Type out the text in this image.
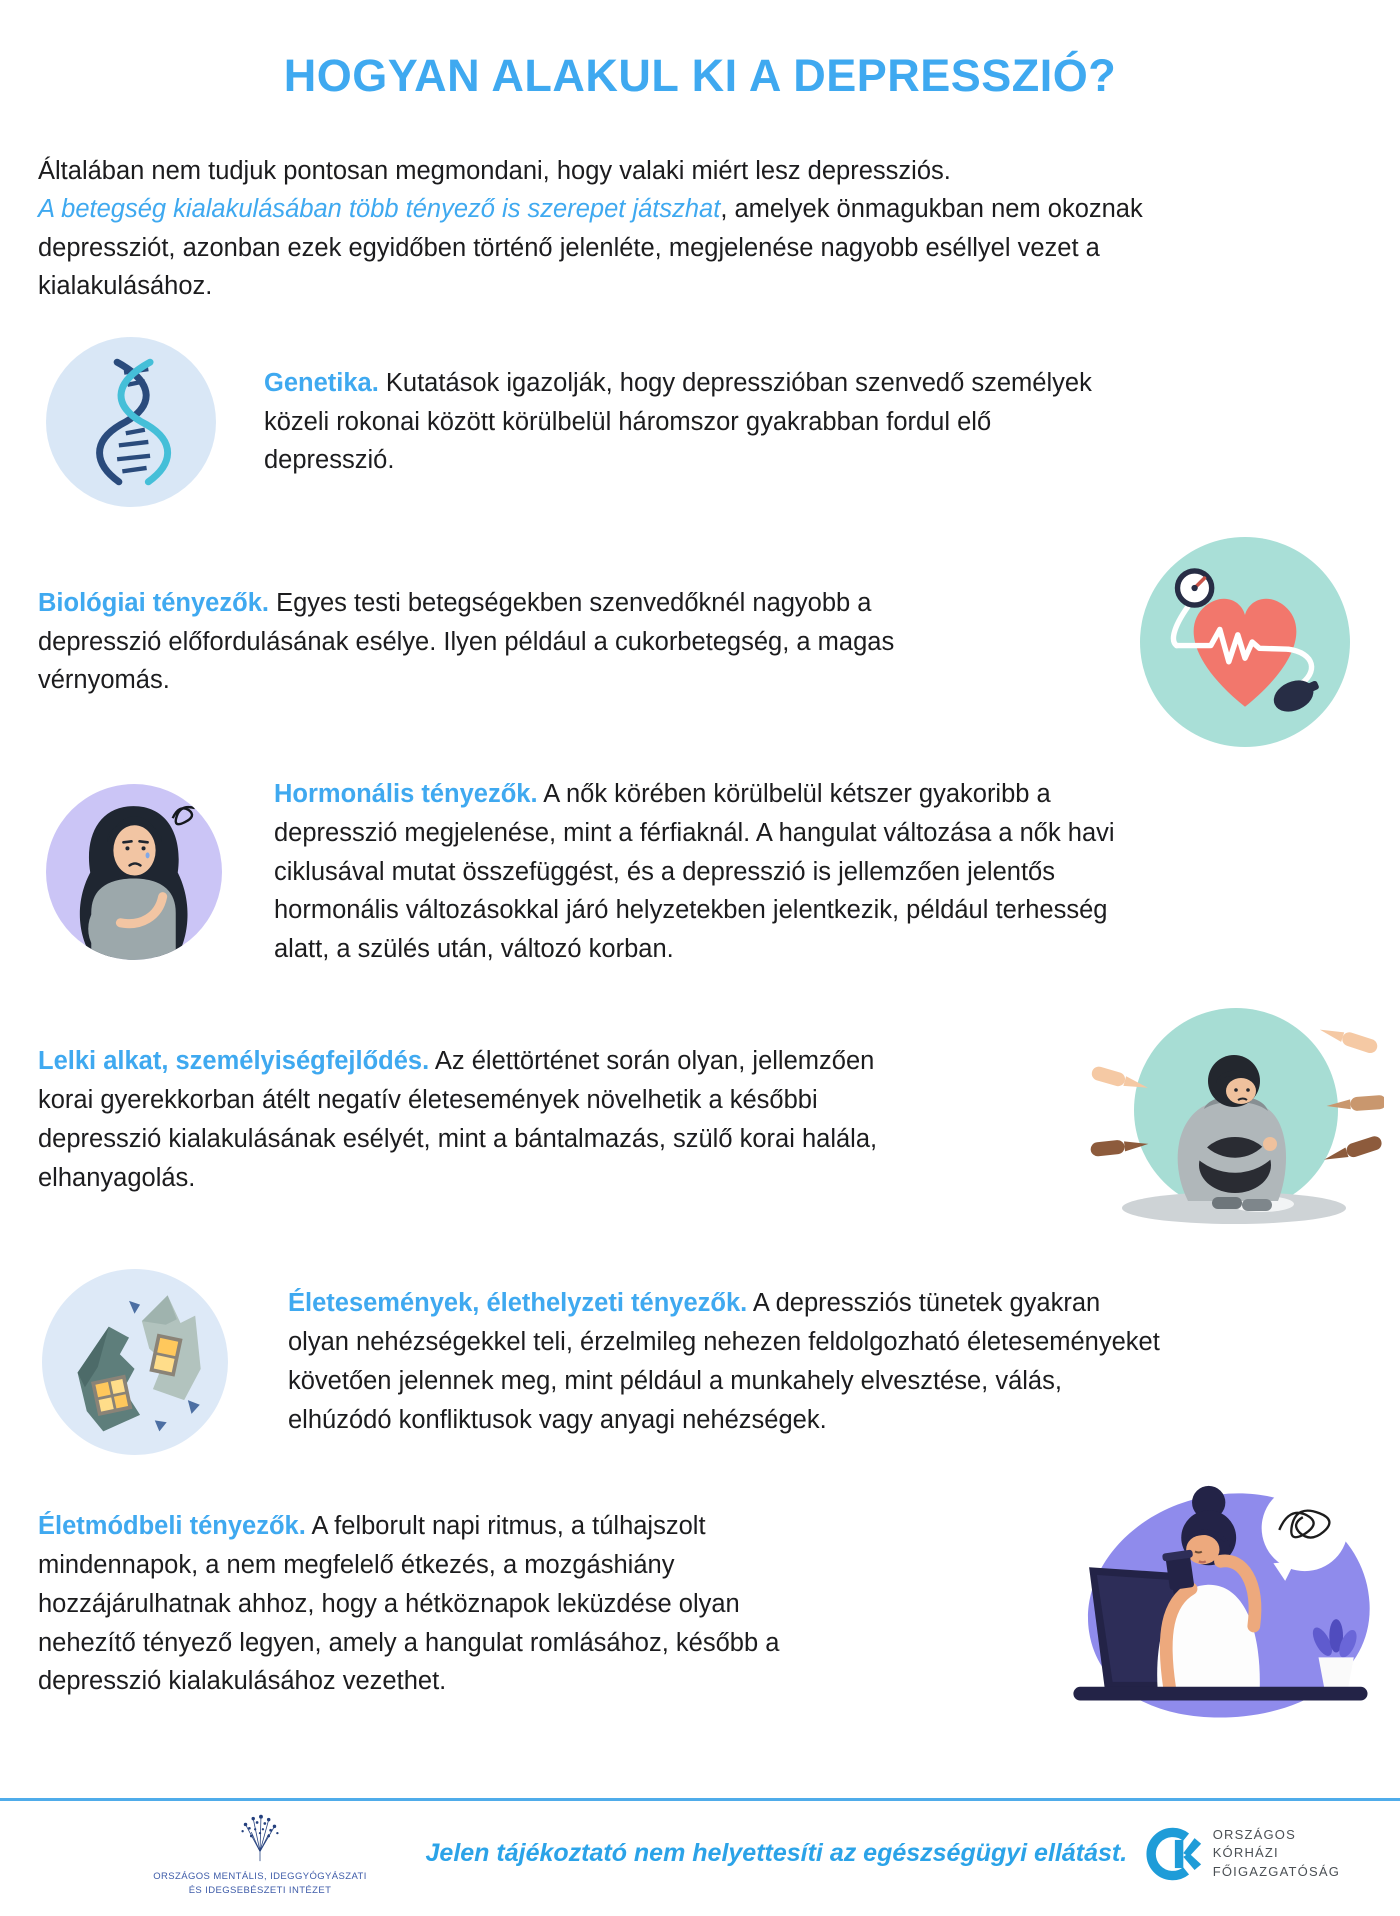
HOGYAN ALAKUL KI A DEPRESSZIÓ?

Általában nem tudjuk pontosan megmondani, hogy valaki miért lesz depressziós.
A betegség kialakulásában több tényező is szerepet játszhat, amelyek önmagukban nem okoznak depressziót, azonban ezek egyidőben történő jelenléte, megjelenése nagyobb eséllyel vezet a kialakulásához.

Genetika. Kutatások igazolják, hogy depresszióban szenvedő személyek közeli rokonai között körülbelül háromszor gyakrabban fordul elő depresszió.

Biológiai tényezők. Egyes testi betegségekben szenvedőknél nagyobb a depresszió előfordulásának esélye. Ilyen például a cukorbetegség, a magas vérnyomás.

Hormonális tényezők. A nők körében körülbelül kétszer gyakoribb a depresszió megjelenése, mint a férfiaknál. A hangulat változása a nők havi ciklusával mutat összefüggést, és a depresszió is jellemzően jelentős hormonális változásokkal járó helyzetekben jelentkezik, például terhesség alatt, a szülés után, változó korban.

Lelki alkat, személyiségfejlődés. Az élettörténet során olyan, jellemzően korai gyerekkorban átélt negatív életesemények növelhetik a későbbi depresszió kialakulásának esélyét, mint a bántalmazás, szülő korai halála, elhanyagolás.

Életesemények, élethelyzeti tényezők. A depressziós tünetek gyakran olyan nehézségekkel teli, érzelmileg nehezen feldolgozható életeseményeket követően jelennek meg, mint például a munkahely elvesztése, válás, elhúzódó konfliktusok vagy anyagi nehézségek.

Életmódbeli tényezők. A felborult napi ritmus, a túlhajszolt mindennapok, a nem megfelelő étkezés, a mozgáshiány hozzájárulhatnak ahhoz, hogy a hétköznapok leküzdése olyan nehezítő tényező legyen, amely a hangulat romlásához, később a depresszió kialakulásához vezethet.

ORSZÁGOS MENTÁLIS, IDEGGYÓGYÁSZATI
ÉS IDEGSEBÉSZETI INTÉZET
Jelen tájékoztató nem helyettesíti az egészségügyi ellátást.
ORSZÁGOS
KÓRHÁZI
FŐIGAZGATÓSÁG
